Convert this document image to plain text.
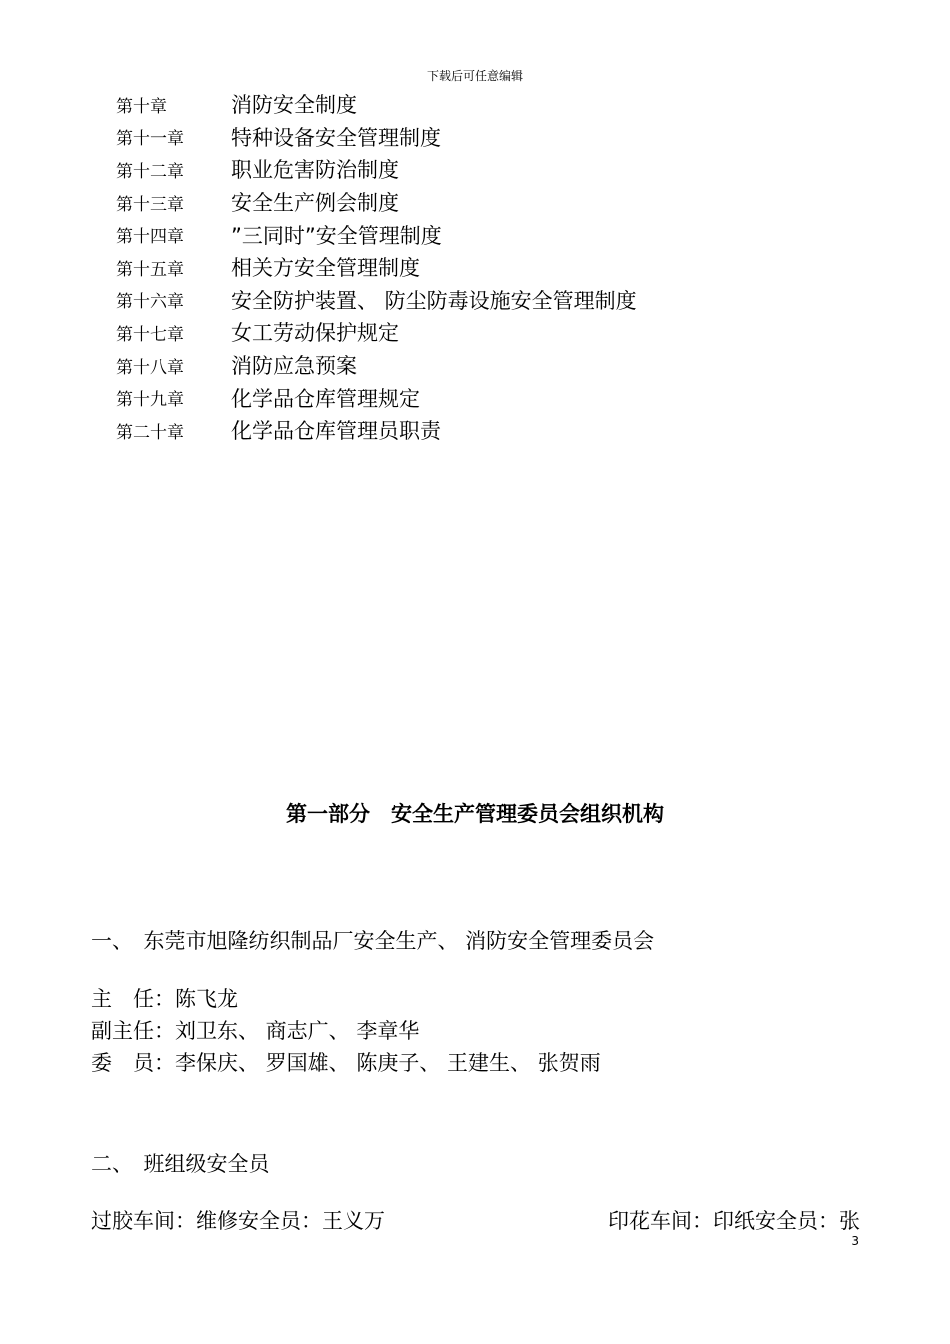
下载后可任意编辑
第十章	消防安全制度
第十一章	特种设备安全管理制度
第十二章	职业危害防治制度
第十三章	安全生产例会制度
第十四章	”三同时”安全管理制度
第十五章	相关方安全管理制度
第十六章	安全防护装置、 防尘防毒设施安全管理制度
第十七章	女工劳动保护规定
第十八章	消防应急预案
第十九章	化学品仓库管理规定
第二十章	化学品仓库管理员职责
第一部分　安全生产管理委员会组织机构
一、　东莞市旭隆纺织制品厂安全生产、 消防安全管理委员会
主　任：陈飞龙
副主任：刘卫东、 商志广、 李章华
委　员：李保庆、 罗国雄、 陈庚子、 王建生、 张贺雨
二、　班组级安全员
过胶车间：维修安全员：王义万	印花车间：印纸安全员：张
3
